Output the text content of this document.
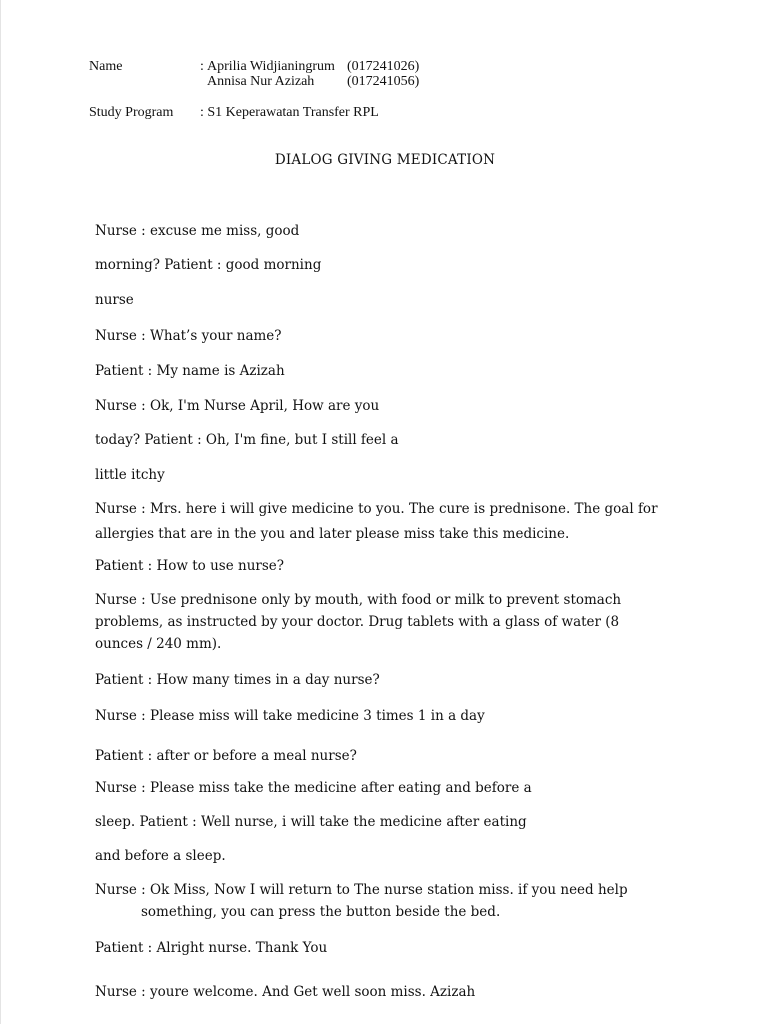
Name	: Aprilia Widjianingrum (017241026)
Annisa Nur Azizah (017241056)
Study Program : S1 Keperawatan Transfer RPL
DIALOG GIVING MEDICATION
Nurse : excuse me miss, good
morning? Patient : good morning
nurse
Nurse : What’s your name?
Patient : My name is Azizah
Nurse : Ok, I'm Nurse April, How are you
today? Patient : Oh, I'm fine, but I still feel a
little itchy
Nurse : Mrs. here i will give medicine to you. The cure is prednisone. The goal for
allergies that are in the you and later please miss take this medicine.
Patient : How to use nurse?
Nurse : Use prednisone only by mouth, with food or milk to prevent stomach
problems, as instructed by your doctor. Drug tablets with a glass of water (8
ounces / 240 mm).
Patient : How many times in a day nurse?
Nurse : Please miss will take medicine 3 times 1 in a day
Patient : after or before a meal nurse?
Nurse : Please miss take the medicine after eating and before a
sleep. Patient : Well nurse, i will take the medicine after eating
and before a sleep.
Nurse : Ok Miss, Now I will return to The nurse station miss. if you need help
something, you can press the button beside the bed.
Patient : Alright nurse. Thank You
Nurse : youre welcome. And Get well soon miss. Azizah
